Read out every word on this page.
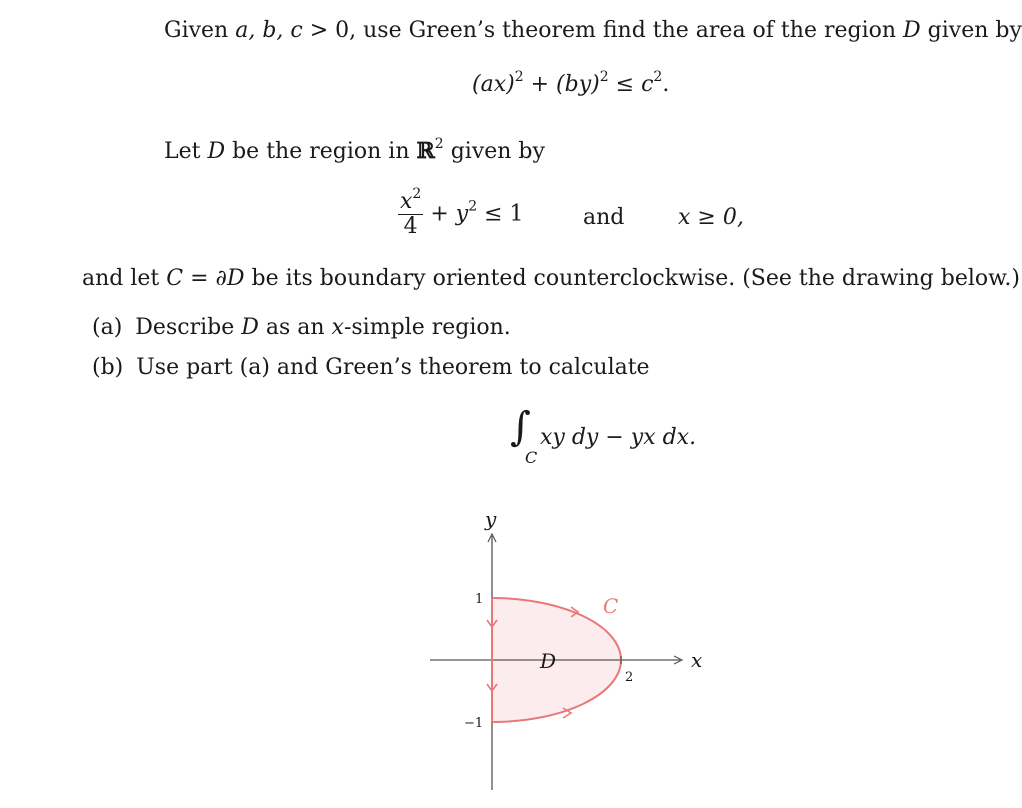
Given a, b, c > 0, use Green’s theorem find the area of the region D given by
$(ax)^2 + (by)^2 \le c^2$.
Let D be the region in ℝ$^2$ given by
$\frac{x^2}{4} + y^2 \le 1$	and x ≥ 0,
and let C = ∂D be its boundary oriented counterclockwise. (See the drawing below.)
(a) Describe D as an x-simple region.
(b) Use part (a) and Green’s theorem to calculate
∫
C
xy dy − yx dx.
y
x
1
−1
2
D
C
